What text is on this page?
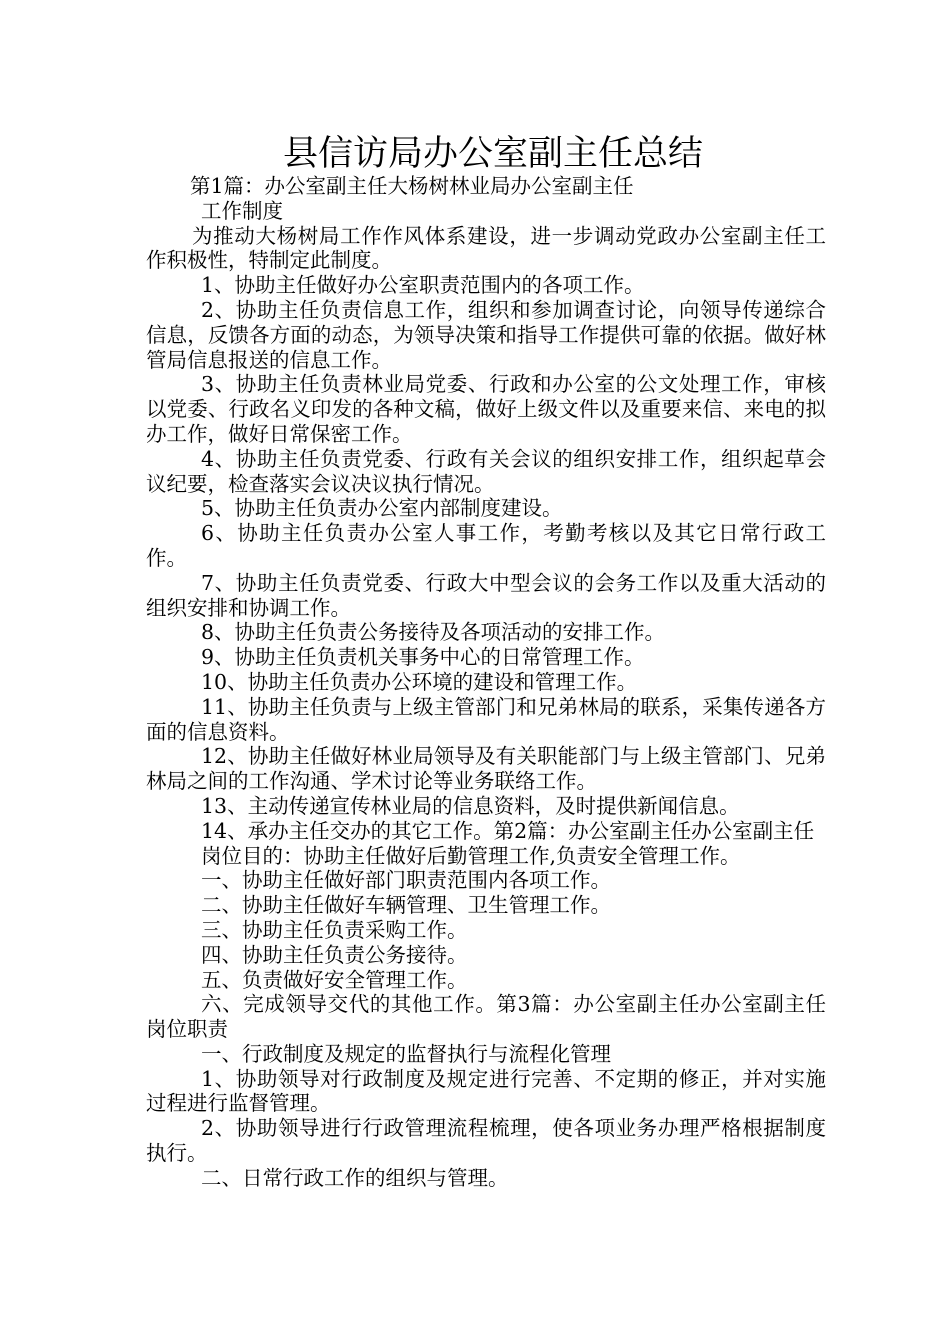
县信访局办公室副主任总结

第1篇：办公室副主任大杨树林业局办公室副主任

工作制度

为推动大杨树局工作作风体系建设，进一步调动党政办公室副主任工作积极性，特制定此制度。

1、协助主任做好办公室职责范围内的各项工作。

2、协助主任负责信息工作，组织和参加调查讨论，向领导传递综合信息，反馈各方面的动态，为领导决策和指导工作提供可靠的依据。做好林管局信息报送的信息工作。

3、协助主任负责林业局党委、行政和办公室的公文处理工作，审核以党委、行政名义印发的各种文稿，做好上级文件以及重要来信、来电的拟办工作，做好日常保密工作。

4、协助主任负责党委、行政有关会议的组织安排工作，组织起草会议纪要，检查落实会议决议执行情况。

5、协助主任负责办公室内部制度建设。

6、协助主任负责办公室人事工作，考勤考核以及其它日常行政工作。

7、协助主任负责党委、行政大中型会议的会务工作以及重大活动的组织安排和协调工作。

8、协助主任负责公务接待及各项活动的安排工作。

9、协助主任负责机关事务中心的日常管理工作。

10、协助主任负责办公环境的建设和管理工作。

11、协助主任负责与上级主管部门和兄弟林局的联系，采集传递各方面的信息资料。

12、协助主任做好林业局领导及有关职能部门与上级主管部门、兄弟林局之间的工作沟通、学术讨论等业务联络工作。

13、主动传递宣传林业局的信息资料，及时提供新闻信息。

14、承办主任交办的其它工作。第2篇：办公室副主任办公室副主任

岗位目的：协助主任做好后勤管理工作,负责安全管理工作。

一、协助主任做好部门职责范围内各项工作。

二、协助主任做好车辆管理、卫生管理工作。

三、协助主任负责采购工作。

四、协助主任负责公务接待。

五、负责做好安全管理工作。

六、完成领导交代的其他工作。第3篇：办公室副主任办公室副主任岗位职责

一、行政制度及规定的监督执行与流程化管理

1、协助领导对行政制度及规定进行完善、不定期的修正，并对实施过程进行监督管理。

2、协助领导进行行政管理流程梳理，使各项业务办理严格根据制度执行。

二、日常行政工作的组织与管理。
